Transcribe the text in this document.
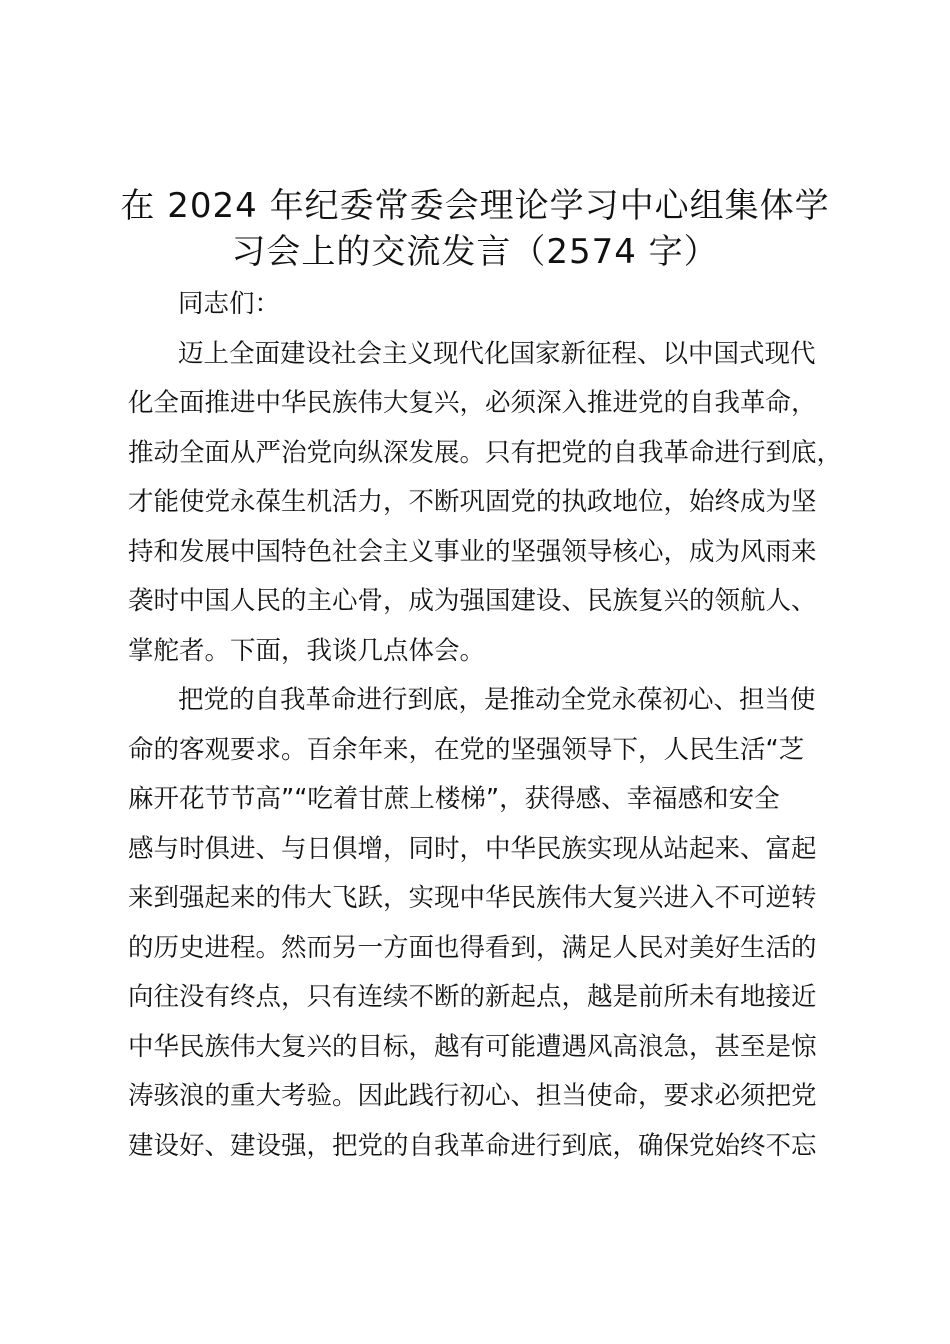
在 2024 年纪委常委会理论学习中心组集体学
习会上的交流发言（2574 字）
同志们：
迈上全面建设社会主义现代化国家新征程、以中国式现代
化全面推进中华民族伟大复兴，必须深入推进党的自我革命，
推动全面从严治党向纵深发展。只有把党的自我革命进行到底，
才能使党永葆生机活力，不断巩固党的执政地位，始终成为坚
持和发展中国特色社会主义事业的坚强领导核心，成为风雨来
袭时中国人民的主心骨，成为强国建设、民族复兴的领航人、
掌舵者。下面，我谈几点体会。
把党的自我革命进行到底，是推动全党永葆初心、担当使
命的客观要求。百余年来，在党的坚强领导下，人民生活“芝
麻开花节节高”“吃着甘蔗上楼梯”，获得感、幸福感和安全
感与时俱进、与日俱增，同时，中华民族实现从站起来、富起
来到强起来的伟大飞跃，实现中华民族伟大复兴进入不可逆转
的历史进程。然而另一方面也得看到，满足人民对美好生活的
向往没有终点，只有连续不断的新起点，越是前所未有地接近
中华民族伟大复兴的目标，越有可能遭遇风高浪急，甚至是惊
涛骇浪的重大考验。因此践行初心、担当使命，要求必须把党
建设好、建设强，把党的自我革命进行到底，确保党始终不忘
